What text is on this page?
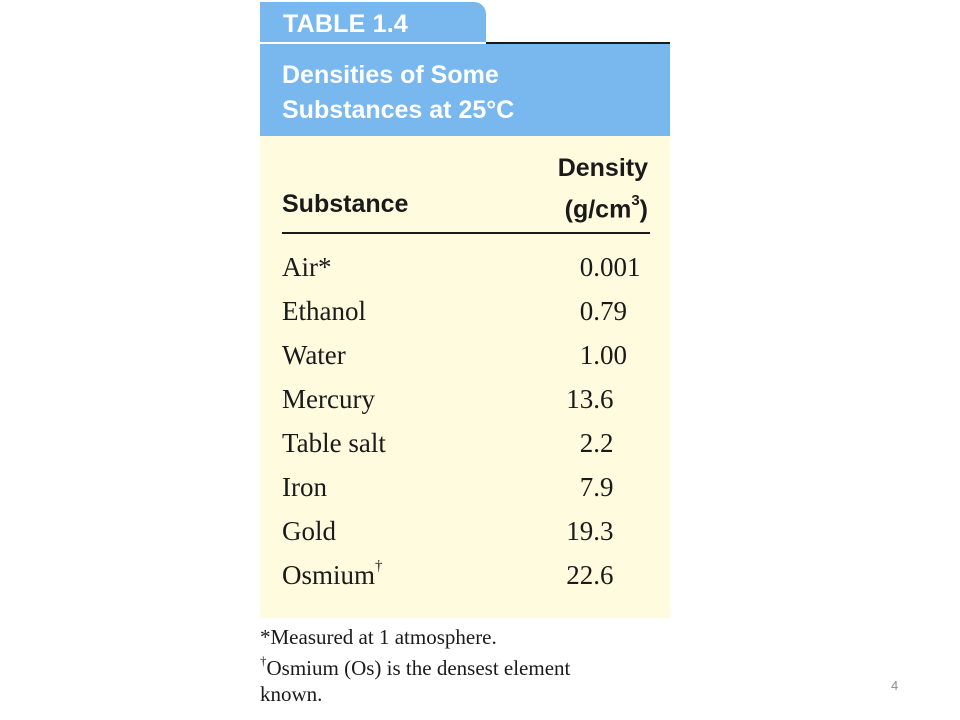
TABLE 1.4
Densities of Some
Substances at 25°C
Substance
Density
$(g/cm^3)$
Air*	0.001
Ethanol	0.79
Water	1.00
Mercury	13.6
Table salt	2.2
Iron	7.9
Gold	19.3
Osmium†	22.6
*Measured at 1 atmosphere.
†Osmium (Os) is the densest element
known.	4
